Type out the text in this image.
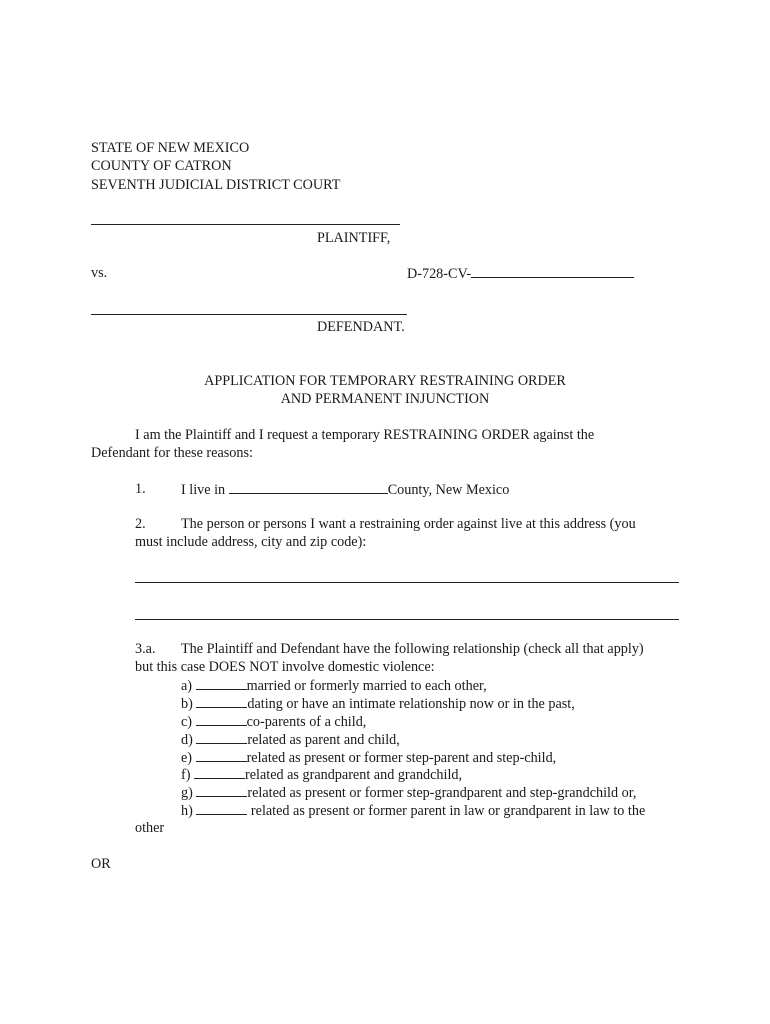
STATE OF NEW MEXICO
COUNTY OF CATRON
SEVENTH JUDICIAL DISTRICT COURT
PLAINTIFF,
vs.	D-728-CV-
DEFENDANT.
APPLICATION FOR TEMPORARY RESTRAINING ORDER
AND PERMANENT INJUNCTION
I am the Plaintiff and I request a temporary RESTRAINING ORDER against the
Defendant for these reasons:
1. I live in	County, New Mexico
2. The person or persons I want a restraining order against live at this address (you
must include address, city and zip code):
3.a. The Plaintiff and Defendant have the following relationship (check all that apply)
but this case DOES NOT involve domestic violence:
a)	married or formerly married to each other,
b)	dating or have an intimate relationship now or in the past,
c)	co-parents of a child,
d)	related as parent and child,
e)	related as present or former step-parent and step-child,
f)	related as grandparent and grandchild,
g)	related as present or former step-grandparent and step-grandchild or,
h)	related as present or former parent in law or grandparent in law to the
other
OR
